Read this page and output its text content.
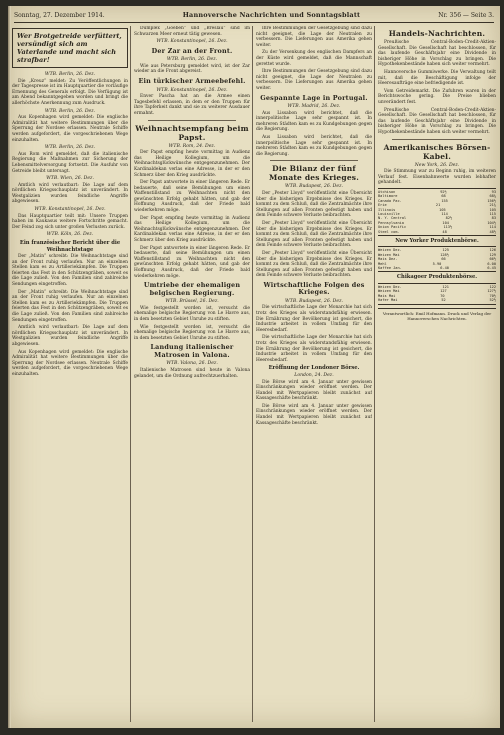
Sonntag, 27. Dezember 1914.	Hannoversche Nachrichten und Sonntagsblatt	Nr. 356 — Seite 3.
Wer Brotgetreide verfüttert, versündigt sich am Vaterlande und macht sich strafbar!
WTB. Berlin, 26. Dez.

Die „Kreuz“ meldet: Zu Veröffentlichungen in der Tagespresse ist im Hauptquartier die vorläufige Ernennung des Generals erfolgt. Die Verfügung ist am Abend bekanntgegeben worden und bringt die allerhöchste Anerkennung zum Ausdruck.

WTB. Berlin, 26. Dez.

Aus Kopenhagen wird gemeldet: Die englische Admiralität hat weitere Bestimmungen über die Sperrung der Nordsee erlassen. Neutrale Schiffe werden aufgefordert, die vorgeschriebenen Wege einzuhalten.

WTB. Berlin, 26. Dez.

Aus Rom wird gemeldet, daß die italienische Regierung die Maßnahmen zur Sicherung der Lebensmittelversorgung fortsetzt. Die Ausfuhr von Getreide bleibt untersagt.

WTB. Wien, 26. Dez.

Amtlich wird verlautbart: Die Lage auf dem nördlichen Kriegsschauplatz ist unverändert. In Westgalizien wurden feindliche Angriffe abgewiesen.

WTB. Konstantinopel, 26. Dez.

Das Hauptquartier teilt mit: Unsere Truppen haben im Kaukasus weitere Fortschritte gemacht. Der Feind zog sich unter großen Verlusten zurück.

WTB. Köln, 26. Dez.
Ein französischer Bericht über die Weihnachtstage

Der „Matin“ schreibt: Die Weihnachtstage sind an der Front ruhig verlaufen. Nur an einzelnen Stellen kam es zu Artilleriekämpfen. Die Truppen feierten das Fest in den Schützengräben, soweit es die Lage zuließ. Von den Familien sind zahlreiche Sendungen eingetroffen.

Der „Matin“ schreibt: Die Weihnachtstage sind an der Front ruhig verlaufen. Nur an einzelnen Stellen kam es zu Artilleriekämpfen. Die Truppen feierten das Fest in den Schützengräben, soweit es die Lage zuließ. Von den Familien sind zahlreiche Sendungen eingetroffen.

Amtlich wird verlautbart: Die Lage auf dem nördlichen Kriegsschauplatz ist unverändert. In Westgalizien wurden feindliche Angriffe abgewiesen.

Aus Kopenhagen wird gemeldet: Die englische Admiralität hat weitere Bestimmungen über die Sperrung der Nordsee erlassen. Neutrale Schiffe werden aufgefordert, die vorgeschriebenen Wege einzuhalten.

Dumplex „Goeben“ und „Breslau“ sind im Schwarzen Meer erneut tätig gewesen.

WTB. Konstantinopel, 26. Dez.
Der Zar an der Front.
WTB. Berlin, 26. Dez.

Wie aus Petersburg gemeldet wird, ist der Zar wieder an die Front abgereist.

Ein türkischer Armeebefehl.
WTB. Konstantinopel, 26. Dez.

Enver Pascha hat an die Armee einen Tagesbefehl erlassen, in dem er den Truppen für ihre Tapferkeit dankt und sie zu weiterer Ausdauer ermahnt.

Weihnachtsempfang beim Papst.
WTB. Rom, 24. Dez.

Der Papst empfing heute vormittag in Audienz das Heilige Kollegium, um die Weihnachtsglückwünsche entgegenzunehmen. Der Kardinaldekan verlas eine Adresse, in der er den Schmerz über den Krieg ausdrückte.

Der Papst antwortete in einer längeren Rede. Er bedauerte, daß seine Bemühungen um einen Waffenstillstand zu Weihnachten nicht den gewünschten Erfolg gehabt hätten, und gab der Hoffnung Ausdruck, daß der Friede bald wiederkehren möge.

Der Papst empfing heute vormittag in Audienz das Heilige Kollegium, um die Weihnachtsglückwünsche entgegenzunehmen. Der Kardinaldekan verlas eine Adresse, in der er den Schmerz über den Krieg ausdrückte.

Der Papst antwortete in einer längeren Rede. Er bedauerte, daß seine Bemühungen um einen Waffenstillstand zu Weihnachten nicht den gewünschten Erfolg gehabt hätten, und gab der Hoffnung Ausdruck, daß der Friede bald wiederkehren möge.

Umtriebe der ehemaligen belgischen Regierung.
WTB. Brüssel, 26. Dez.

Wie festgestellt worden ist, versucht die ehemalige belgische Regierung von Le Havre aus, in dem besetzten Gebiet Unruhe zu stiften.

Wie festgestellt worden ist, versucht die ehemalige belgische Regierung von Le Havre aus, in dem besetzten Gebiet Unruhe zu stiften.

Landung italienischer Matrosen in Valona.
WTB. Valona, 26. Dez.

Italienische Matrosen sind heute in Valona gelandet, um die Ordnung aufrechtzuerhalten.

Ihre Bestimmungen der Gesetzgebung sind dazu nicht geeignet, die Lage der Neutralen zu verbessern. Die Lieferungen aus Amerika gehen weiter.

Zu der Versenkung des englischen Dampfers an der Küste wird gemeldet, daß die Mannschaft gerettet wurde.

Ihre Bestimmungen der Gesetzgebung sind dazu nicht geeignet, die Lage der Neutralen zu verbessern. Die Lieferungen aus Amerika gehen weiter.

Gespannte Lage in Portugal.
WTB. Madrid, 26. Dez.

Aus Lissabon wird berichtet, daß die innerpolitische Lage sehr gespannt ist. In mehreren Städten kam es zu Kundgebungen gegen die Regierung.

Aus Lissabon wird berichtet, daß die innerpolitische Lage sehr gespannt ist. In mehreren Städten kam es zu Kundgebungen gegen die Regierung.

Die Bilanz der fünf Monate des Krieges.
WTB. Budapest, 26. Dez.

Der „Pester Lloyd“ veröffentlicht eine Übersicht über die bisherigen Ergebnisse des Krieges. Er kommt zu dem Schluß, daß die Zentralmächte ihre Stellungen auf allen Fronten gefestigt haben und dem Feinde schwere Verluste beibrachten.

Der „Pester Lloyd“ veröffentlicht eine Übersicht über die bisherigen Ergebnisse des Krieges. Er kommt zu dem Schluß, daß die Zentralmächte ihre Stellungen auf allen Fronten gefestigt haben und dem Feinde schwere Verluste beibrachten.

Der „Pester Lloyd“ veröffentlicht eine Übersicht über die bisherigen Ergebnisse des Krieges. Er kommt zu dem Schluß, daß die Zentralmächte ihre Stellungen auf allen Fronten gefestigt haben und dem Feinde schwere Verluste beibrachten.

Wirtschaftliche Folgen des Krieges.
WTB. Budapest, 26. Dez.

Die wirtschaftliche Lage der Monarchie hat sich trotz des Krieges als widerstandsfähig erwiesen. Die Ernährung der Bevölkerung ist gesichert, die Industrie arbeitet in vollem Umfang für den Heeresbedarf.

Die wirtschaftliche Lage der Monarchie hat sich trotz des Krieges als widerstandsfähig erwiesen. Die Ernährung der Bevölkerung ist gesichert, die Industrie arbeitet in vollem Umfang für den Heeresbedarf.

Eröffnung der Londoner Börse.
London, 24. Dez.

Die Börse wird am 4. Januar unter gewissen Einschränkungen wieder eröffnet werden. Der Handel mit Wertpapieren bleibt zunächst auf Kassageschäfte beschränkt.

Die Börse wird am 4. Januar unter gewissen Einschränkungen wieder eröffnet werden. Der Handel mit Wertpapieren bleibt zunächst auf Kassageschäfte beschränkt.

Handels-Nachrichten.

Preußische Central-Boden-Credit-Aktien-Gesellschaft. Die Gesellschaft hat beschlossen, für das laufende Geschäftsjahr eine Dividende in bisheriger Höhe in Vorschlag zu bringen. Die Hypothekenbestände haben sich weiter vermehrt.

Hannoversche Gummiwerke. Die Verwaltung teilt mit, daß die Beschäftigung infolge der Heeresaufträge eine befriedigende ist.

Vom Getreidemarkt. Die Zufuhren waren in der Berichtswoche gering. Die Preise blieben unverändert fest.

Preußische Central-Boden-Credit-Aktien-Gesellschaft. Die Gesellschaft hat beschlossen, für das laufende Geschäftsjahr eine Dividende in bisheriger Höhe in Vorschlag zu bringen. Die Hypothekenbestände haben sich weiter vermehrt.

Amerikanisches Börsen-Kabel.
New York, 26. Dez.

Die Stimmung war zu Beginn ruhig, im weiteren Verlauf fest. Eisenbahnwerte wurden lebhafter gehandelt.

Atchison	92½	93
Baltimore	68	68¼
Canada Pac.	155	156½
Erie	21	21¼
Illinois	105	105
Louisville	114	115
N. Y. Central	82½	83
Pennsylvania	104	104½
Union Pacific	113½	114
Steel com.	48	48½
New Yorker Produktenbörse.
Weizen Dez.	125	126
Weizen Mai	128½	129
Mais Dez.	66	66½
Mehl	5.90	6.00
Kaffee Jan.	6.40	6.45
Chikagoer Produktenbörse.
Weizen Dez.	121	122
Weizen Mai	127	127½
Mais Mai	70	70½
Hafer Mai	52	52½
Verantwortlich: Emil Hofmann. Druck und Verlag der Hannoverschen Nachrichten.
